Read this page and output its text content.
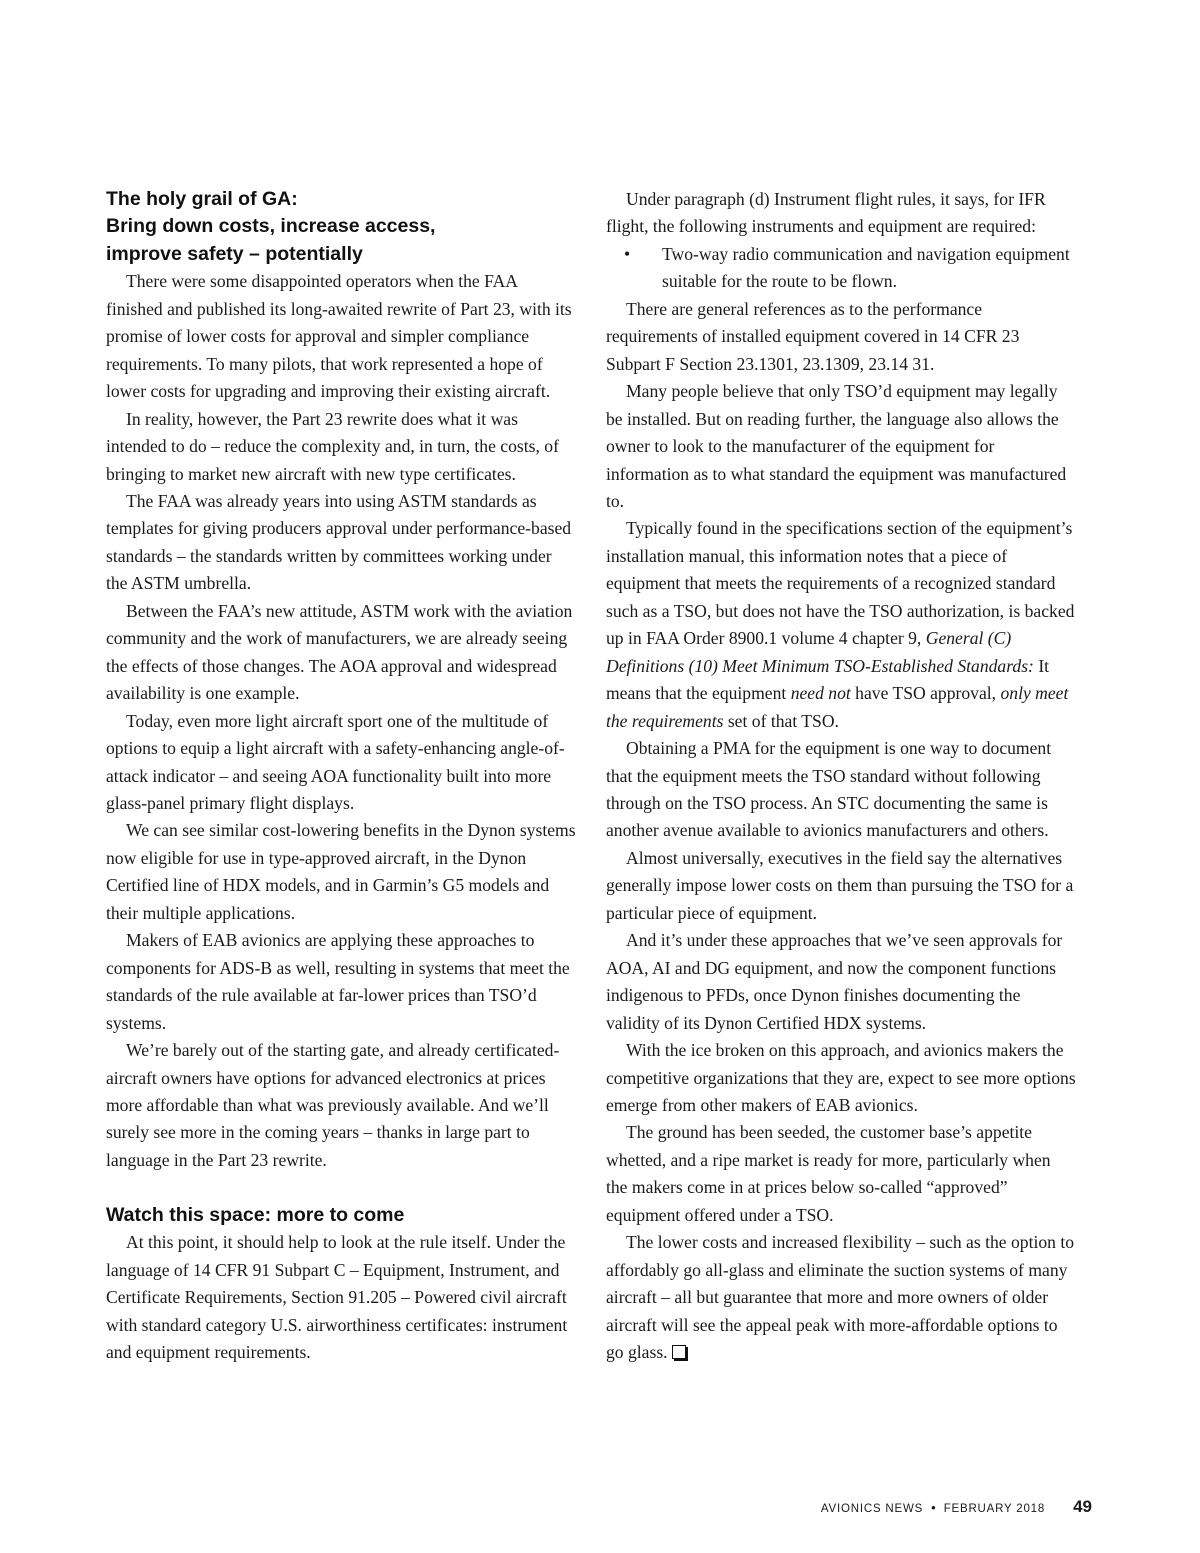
The holy grail of GA:
Bring down costs, increase access,
improve safety – potentially

There were some disappointed operators when the FAA finished and published its long-awaited rewrite of Part 23, with its promise of lower costs for approval and simpler compliance requirements. To many pilots, that work represented a hope of lower costs for upgrading and improving their existing aircraft.

In reality, however, the Part 23 rewrite does what it was intended to do – reduce the complexity and, in turn, the costs, of bringing to market new aircraft with new type certificates.

The FAA was already years into using ASTM standards as templates for giving producers approval under performance-based standards – the standards written by committees working under the ASTM umbrella.

Between the FAA’s new attitude, ASTM work with the aviation community and the work of manufacturers, we are already seeing the effects of those changes. The AOA approval and widespread availability is one example.

Today, even more light aircraft sport one of the multitude of options to equip a light aircraft with a safety-enhancing angle-of-attack indicator – and seeing AOA functionality built into more glass-panel primary flight displays.

We can see similar cost-lowering benefits in the Dynon systems now eligible for use in type-approved aircraft, in the Dynon Certified line of HDX models, and in Garmin’s G5 models and their multiple applications.

Makers of EAB avionics are applying these approaches to components for ADS-B as well, resulting in systems that meet the standards of the rule available at far-lower prices than TSO’d systems.

We’re barely out of the starting gate, and already certificated-aircraft owners have options for advanced electronics at prices more affordable than what was previously available. And we’ll surely see more in the coming years – thanks in large part to language in the Part 23 rewrite.

Watch this space: more to come

At this point, it should help to look at the rule itself. Under the language of 14 CFR 91 Subpart C – Equipment, Instrument, and Certificate Requirements, Section 91.205 – Powered civil aircraft with standard category U.S. airworthiness certificates: instrument and equipment requirements.

Under paragraph (d) Instrument flight rules, it says, for IFR flight, the following instruments and equipment are required:

•	Two-way radio communication and navigation equipment suitable for the route to be flown.

There are general references as to the performance requirements of installed equipment covered in 14 CFR 23 Subpart F Section 23.1301, 23.1309, 23.14 31.

Many people believe that only TSO’d equipment may legally be installed. But on reading further, the language also allows the owner to look to the manufacturer of the equipment for information as to what standard the equipment was manufactured to.

Typically found in the specifications section of the equipment’s installation manual, this information notes that a piece of equipment that meets the requirements of a recognized standard such as a TSO, but does not have the TSO authorization, is backed up in FAA Order 8900.1 volume 4 chapter 9, General (C) Definitions (10) Meet Minimum TSO-Established Standards: It means that the equipment need not have TSO approval, only meet the requirements set of that TSO.

Obtaining a PMA for the equipment is one way to document that the equipment meets the TSO standard without following through on the TSO process. An STC documenting the same is another avenue available to avionics manufacturers and others.

Almost universally, executives in the field say the alternatives generally impose lower costs on them than pursuing the TSO for a particular piece of equipment.

And it’s under these approaches that we’ve seen approvals for AOA, AI and DG equipment, and now the component functions indigenous to PFDs, once Dynon finishes documenting the validity of its Dynon Certified HDX systems.

With the ice broken on this approach, and avionics makers the competitive organizations that they are, expect to see more options emerge from other makers of EAB avionics.

The ground has been seeded, the customer base’s appetite whetted, and a ripe market is ready for more, particularly when the makers come in at prices below so-called “approved” equipment offered under a TSO.

The lower costs and increased flexibility – such as the option to affordably go all-glass and eliminate the suction systems of many aircraft – all but guarantee that more and more owners of older aircraft will see the appeal peak with more-affordable options to go glass.

AVIONICS NEWS • FEBRUARY 2018 49
